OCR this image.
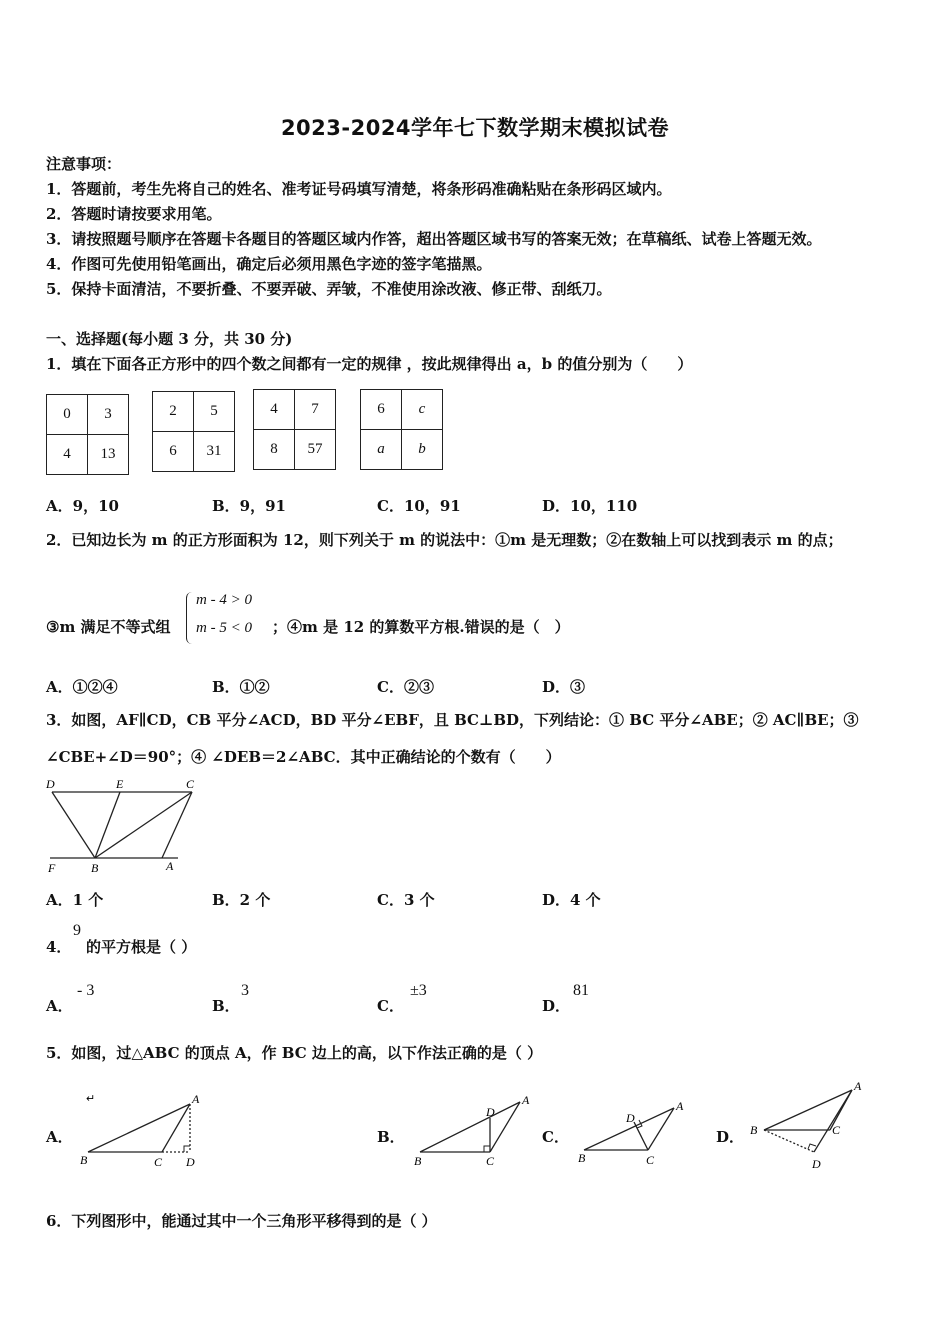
2023-2024学年七下数学期末模拟试卷
注意事项：
1．答题前，考生先将自己的姓名、准考证号码填写清楚，将条形码准确粘贴在条形码区域内。
2．答题时请按要求用笔。
3．请按照题号顺序在答题卡各题目的答题区域内作答，超出答题区域书写的答案无效；在草稿纸、试卷上答题无效。
4．作图可先使用铅笔画出，确定后必须用黑色字迹的签字笔描黑。
5．保持卡面清洁，不要折叠、不要弄破、弄皱，不准使用涂改液、修正带、刮纸刀。
一、选择题(每小题 3 分，共 30 分)
1．填在下面各正方形中的四个数之间都有一定的规律 ，按此规律得出 a，b 的值分别为（　　）
0	3
4	13
2	5
6	31
4	7
8	57
6	c
a	b
A．9，10	B．9，91	C．10，91	D．10，110
2．已知边长为 m 的正方形面积为 12，则下列关于 m 的说法中：①m 是无理数；②在数轴上可以找到表示 m 的点；
③m 满足不等式组
m - 4 > 0
m - 5 < 0 ；④m 是 12 的算数平方根.错误的是（　）
A．①②④	B．①②	C．②③	D．③
3．如图，AF∥CD，CB 平分∠ACD，BD 平分∠EBF，且 BC⊥BD，下列结论：① BC 平分∠ABE；② AC∥BE；③
∠CBE+∠D＝90°；④ ∠DEB＝2∠ABC．其中正确结论的个数有（　　）
D	E	C
F	B	A
A．1 个	B．2 个	C．3 个	D．4 个
4．
9
的平方根是（ ）
A．
- 3
B．
3
C．
±3
D．
81
5．如图，过△ABC 的顶点 A，作 BC 边上的高，以下作法正确的是（ ）
A．
↵	A
B	C D
B．
A
B	C
D
C．
A
B	C
D
D．
A
B	C
D
6．下列图形中，能通过其中一个三角形平移得到的是（ ）
